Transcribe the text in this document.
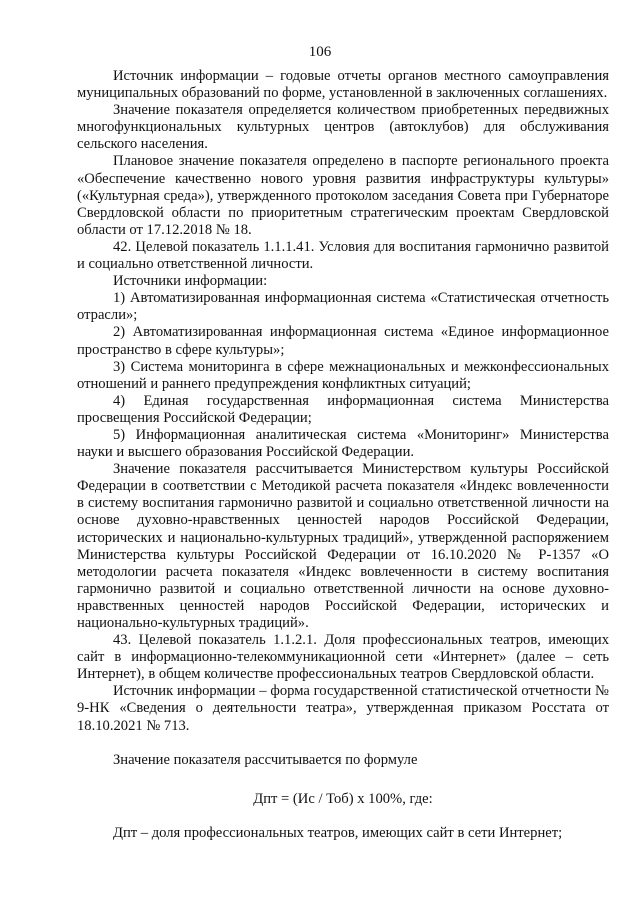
106

Источник информации – годовые отчеты органов местного самоуправления муниципальных образований по форме, установленной в заключенных соглашениях.

Значение показателя определяется количеством приобретенных передвижных многофункциональных культурных центров (автоклубов) для обслуживания сельского населения.

Плановое значение показателя определено в паспорте регионального проекта «Обеспечение качественно нового уровня развития инфраструктуры культуры» («Культурная среда»), утвержденного протоколом заседания Совета при Губернаторе Свердловской области по приоритетным стратегическим проектам Свердловской области от 17.12.2018 № 18.

42. Целевой показатель 1.1.1.41. Условия для воспитания гармонично развитой и социально ответственной личности.

Источники информации:

1) Автоматизированная информационная система «Статистическая отчетность отрасли»;

2) Автоматизированная информационная система «Единое информационное пространство в сфере культуры»;

3) Система мониторинга в сфере межнациональных и межконфессиональных отношений и раннего предупреждения конфликтных ситуаций;

4) Единая государственная информационная система Министерства просвещения Российской Федерации;

5) Информационная аналитическая система «Мониторинг» Министерства науки и высшего образования Российской Федерации.

Значение показателя рассчитывается Министерством культуры Российской Федерации в соответствии с Методикой расчета показателя «Индекс вовлеченности в систему воспитания гармонично развитой и социально ответственной личности на основе духовно-нравственных ценностей народов Российской Федерации, исторических и национально-культурных традиций», утвержденной распоряжением Министерства культуры Российской Федерации от 16.10.2020 № Р-1357 «О методологии расчета показателя «Индекс вовлеченности в систему воспитания гармонично развитой и социально ответственной личности на основе духовно-нравственных ценностей народов Российской Федерации, исторических и национально-культурных традиций».

43. Целевой показатель 1.1.2.1. Доля профессиональных театров, имеющих сайт в информационно-телекоммуникационной сети «Интернет» (далее – сеть Интернет), в общем количестве профессиональных театров Свердловской области.

Источник информации – форма государственной статистической отчетности № 9-НК «Сведения о деятельности театра», утвержденная приказом Росстата от 18.10.2021 № 713.

Значение показателя рассчитывается по формуле

Дпт = (Ис / Тоб) х 100%, где:

Дпт – доля профессиональных театров, имеющих сайт в сети Интернет;
